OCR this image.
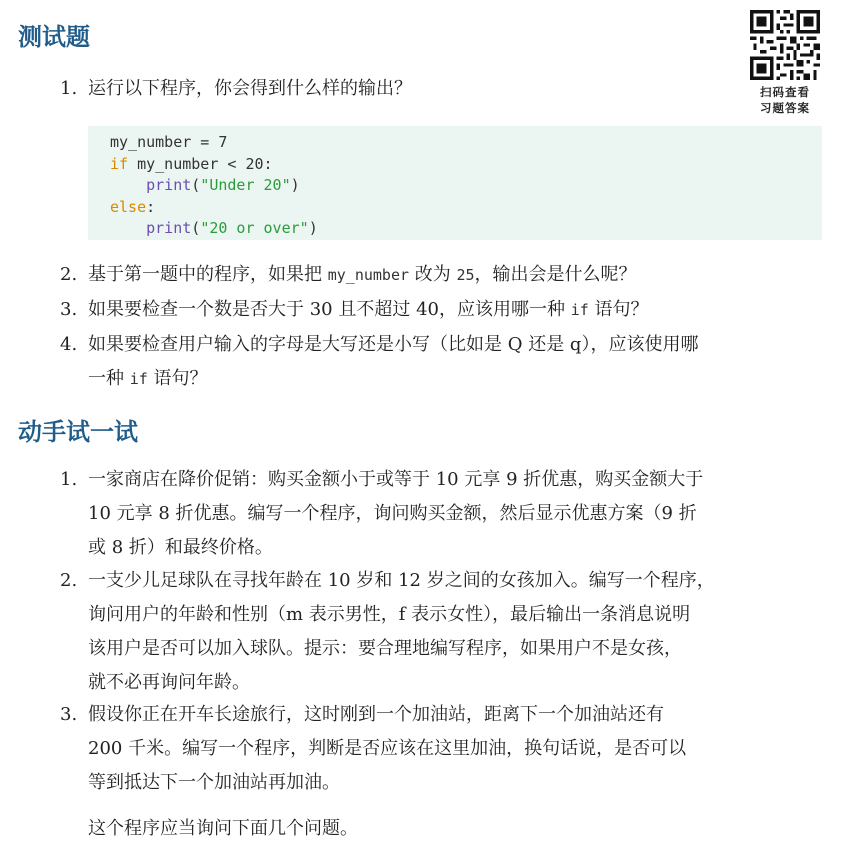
测试题
扫码查看
习题答案
1. 运行以下程序，你会得到什么样的输出？
my_number = 7
if my_number < 20:
print("Under 20")
else:
print("20 or over")
2. 基于第一题中的程序，如果把 my_number 改为 25，输出会是什么呢？
3. 如果要检查一个数是否大于 30 且不超过 40，应该用哪一种 if 语句？
4. 如果要检查用户输入的字母是大写还是小写（比如是 Q 还是 q），应该使用哪
一种 if 语句？
动手试一试
1. 一家商店在降价促销：购买金额小于或等于 10 元享 9 折优惠，购买金额大于
10 元享 8 折优惠。编写一个程序，询问购买金额，然后显示优惠方案（9 折
或 8 折）和最终价格。
2. 一支少儿足球队在寻找年龄在 10 岁和 12 岁之间的女孩加入。编写一个程序，
询问用户的年龄和性别（m 表示男性，f 表示女性），最后输出一条消息说明
该用户是否可以加入球队。提示：要合理地编写程序，如果用户不是女孩，
就不必再询问年龄。
3. 假设你正在开车长途旅行，这时刚到一个加油站，距离下一个加油站还有
200 千米。编写一个程序，判断是否应该在这里加油，换句话说，是否可以
等到抵达下一个加油站再加油。

这个程序应当询问下面几个问题。
